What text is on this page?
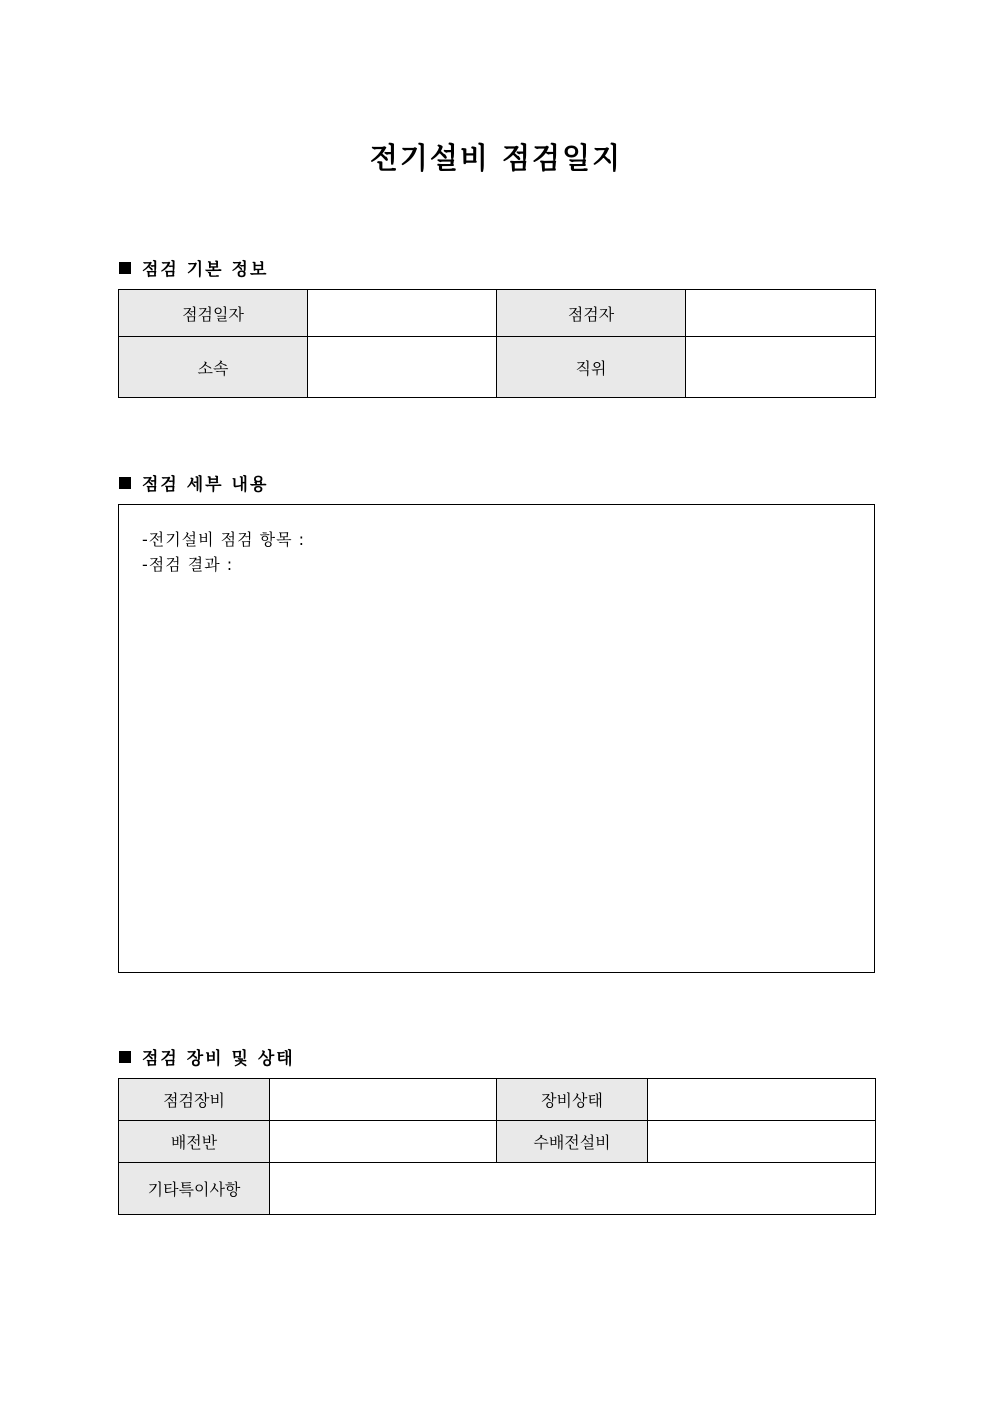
전기설비 점검일지
점검 기본 정보
점검일자		점검자	
소속		직위	
점검 세부 내용
-전기설비 점검 항목 :
-점검 결과 :
점검 장비 및 상태
점검장비		장비상태	
배전반		수배전설비	
기타특이사항			
